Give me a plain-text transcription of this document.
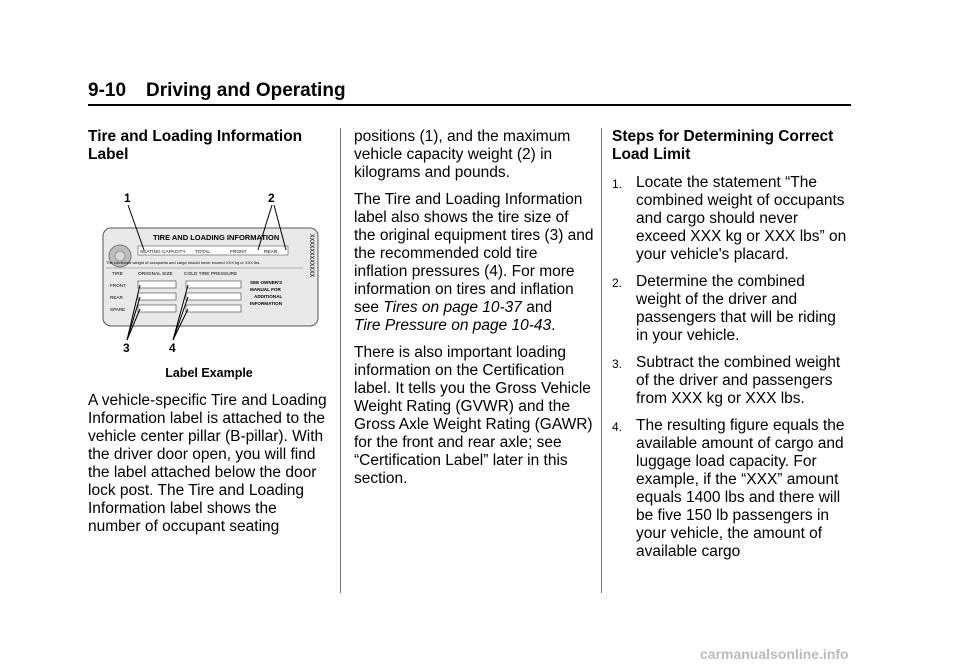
9-10 Driving and Operating
Tire and Loading Information Label
1	2
3	4
TIRE AND LOADING INFORMATION
SEATING CAPACITY TOTAL	FRONT	REAR
The combined weight of occupants and cargo should never exceed XXX kg or XXX lbs.
TIRE	ORIGINAL SIZE COLD TIRE PRESSURE
FRONT
REAR
SPARE
SEE OWNER'S
MANUAL FOR
ADDITIONAL
INFORMATION
XXXXXXXXXXXX
Label Example

A vehicle-specific Tire and Loading Information label is attached to the vehicle center pillar (B-pillar). With the driver door open, you will find the label attached below the door lock post. The Tire and Loading Information label shows the number of occupant seating

positions (1), and the maximum vehicle capacity weight (2) in kilograms and pounds.

The Tire and Loading Information label also shows the tire size of the original equipment tires (3) and the recommended cold tire inflation pressures (4). For more information on tires and inflation see Tires on page 10-37 and
Tire Pressure on page 10-43.

There is also important loading information on the Certification label. It tells you the Gross Vehicle Weight Rating (GVWR) and the Gross Axle Weight Rating (GAWR) for the front and rear axle; see “Certification Label” later in this section.

Steps for Determining Correct Load Limit
1. Locate the statement “The combined weight of occupants and cargo should never exceed XXX kg or XXX lbs” on your vehicle's placard.
2. Determine the combined weight of the driver and passengers that will be riding in your vehicle.
3. Subtract the combined weight of the driver and passengers from XXX kg or XXX lbs.
4. The resulting figure equals the available amount of cargo and luggage load capacity. For example, if the “XXX” amount equals 1400 lbs and there will be five 150 lb passengers in your vehicle, the amount of available cargo
carmanualsonline.info
